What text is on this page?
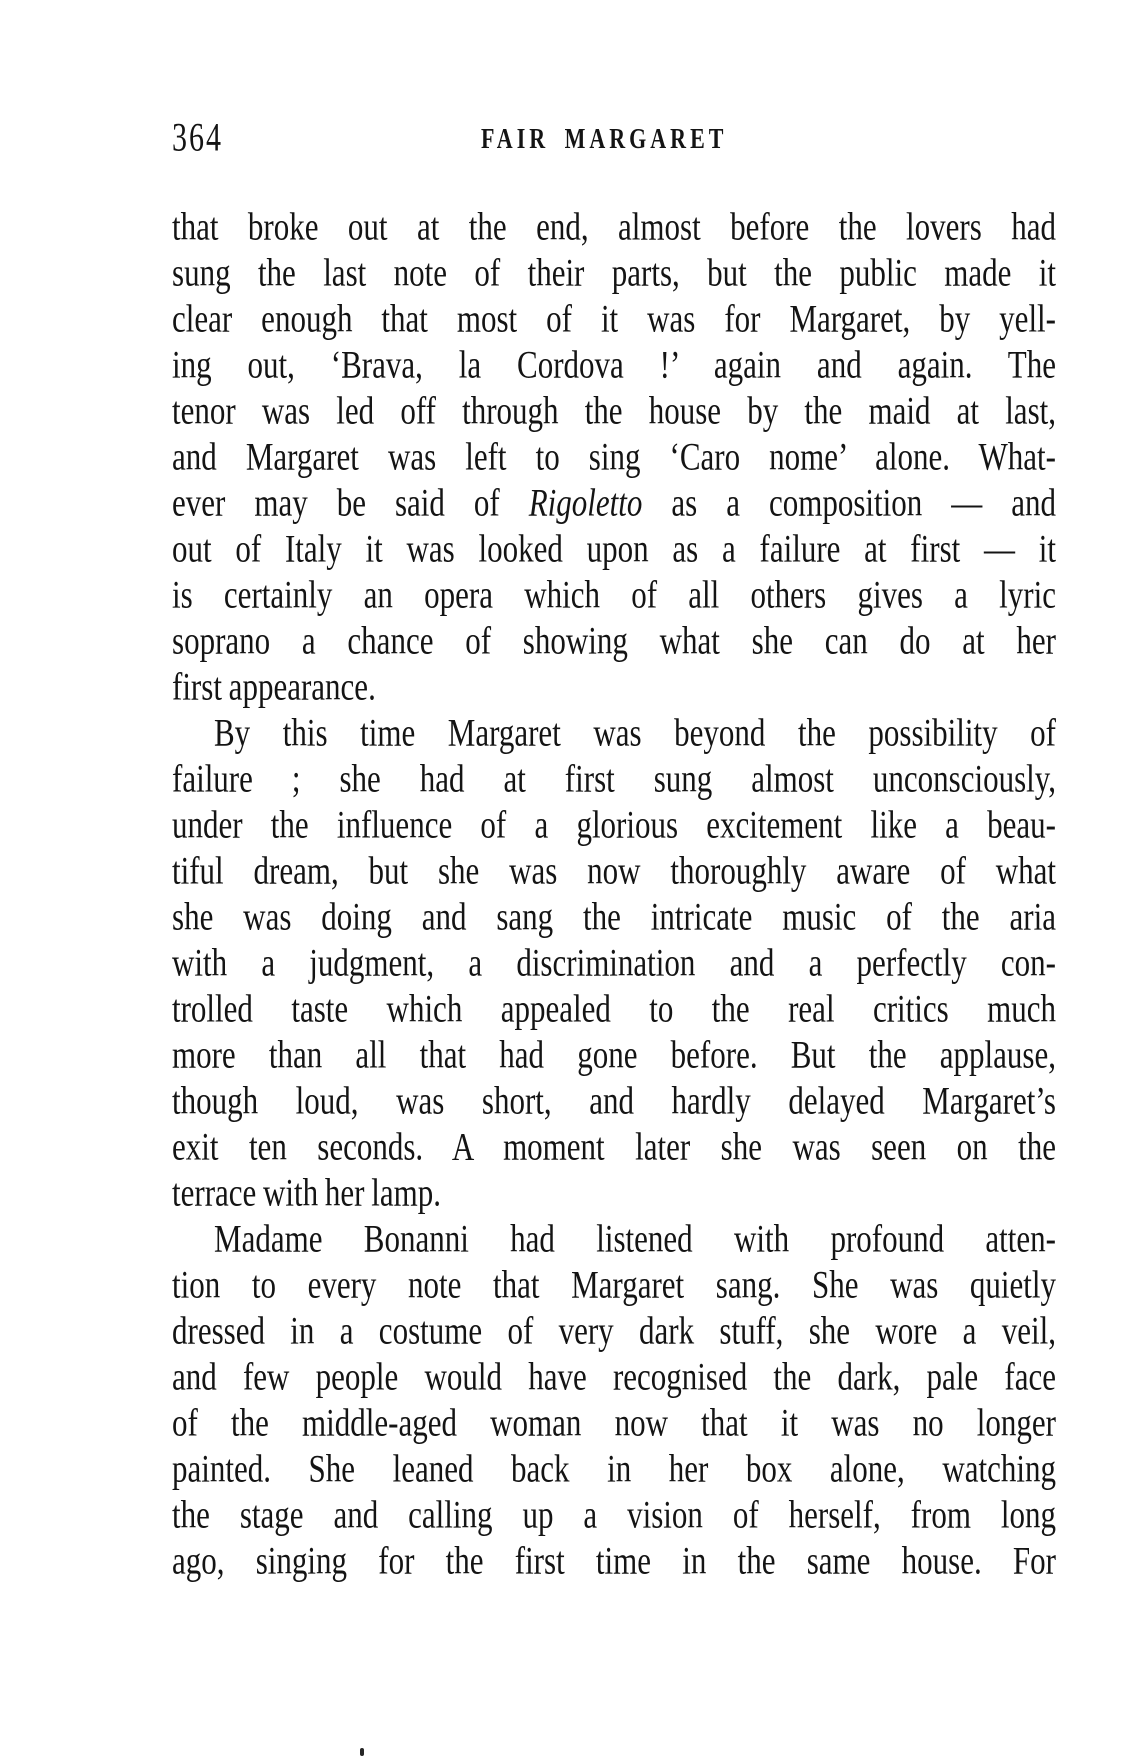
364	FAIR MARGARET
that broke out at the end, almost before the lovers had
sung the last note of their parts, but the public made it
clear enough that most of it was for Margaret, by yell-
ing out, ‘Brava, la Cordova !’ again and again. The
tenor was led off through the house by the maid at last,
and Margaret was left to sing ‘Caro nome’ alone. What-
ever may be said of Rigoletto as a composition — and
out of Italy it was looked upon as a failure at first — it
is certainly an opera which of all others gives a lyric
soprano a chance of showing what she can do at her
first appearance.
By this time Margaret was beyond the possibility of
failure ; she had at first sung almost unconsciously,
under the influence of a glorious excitement like a beau-
tiful dream, but she was now thoroughly aware of what
she was doing and sang the intricate music of the aria
with a judgment, a discrimination and a perfectly con-
trolled taste which appealed to the real critics much
more than all that had gone before. But the applause,
though loud, was short, and hardly delayed Margaret’s
exit ten seconds. A moment later she was seen on the
terrace with her lamp.
Madame Bonanni had listened with profound atten-
tion to every note that Margaret sang. She was quietly
dressed in a costume of very dark stuff, she wore a veil,
and few people would have recognised the dark, pale face
of the middle-aged woman now that it was no longer
painted. She leaned back in her box alone, watching
the stage and calling up a vision of herself, from long
ago, singing for the first time in the same house. For
